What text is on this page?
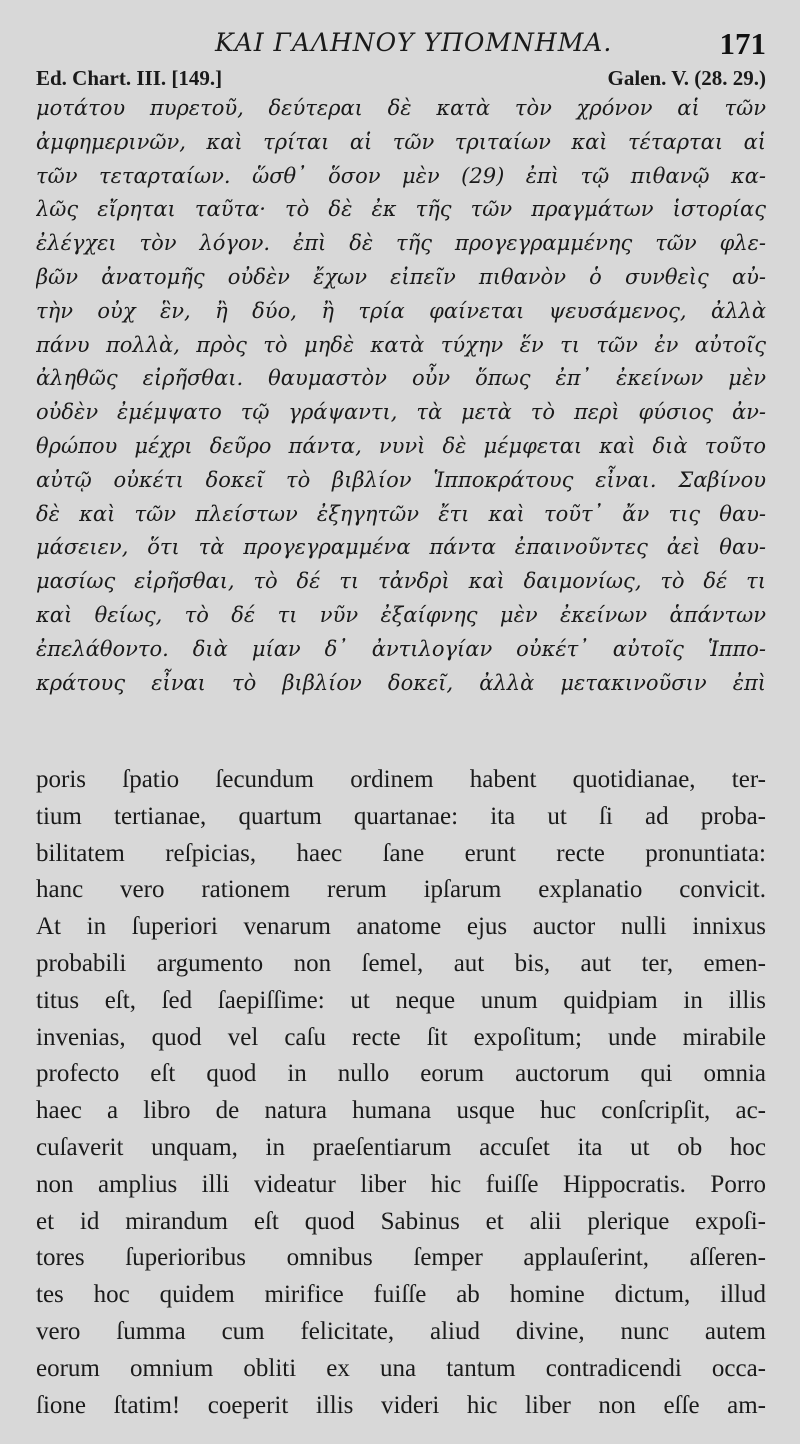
ΚΑΙ ΓΑΛΗΝΟΥ ΥΠΟΜΝΗΜΑ.	171
Ed. Chart. III. [149.]	Galen. V. (28. 29.)
μοτάτου πυρετοῦ, δεύτεραι δὲ κατὰ τὸν χρόνον αἱ τῶν
ἀμφημερινῶν, καὶ τρίται αἱ τῶν τριταίων καὶ τέταρται αἱ
τῶν τεταρταίων. ὥσθ᾿ ὅσον μὲν (29) ἐπὶ τῷ πιθανῷ κα-
λῶς εἴρηται ταῦτα· τὸ δὲ ἐκ τῆς τῶν πραγμάτων ἱστορίας
ἐλέγχει τὸν λόγον. ἐπὶ δὲ τῆς προγεγραμμένης τῶν φλε-
βῶν ἀνατομῆς οὐδὲν ἔχων εἰπεῖν πιθανὸν ὁ συνθεὶς αὐ-
τὴν οὐχ ἓν, ἢ δύο, ἢ τρία φαίνεται ψευσάμενος, ἀλλὰ
πάνυ πολλὰ, πρὸς τὸ μηδὲ κατὰ τύχην ἕν τι τῶν ἐν αὐτοῖς
ἀληθῶς εἰρῆσθαι. θαυμαστὸν οὖν ὅπως ἐπ᾿ ἐκείνων μὲν
οὐδὲν ἐμέμψατο τῷ γράψαντι, τὰ μετὰ τὸ περὶ φύσιος ἀν-
θρώπου μέχρι δεῦρο πάντα, νυνὶ δὲ μέμφεται καὶ διὰ τοῦτο
αὐτῷ οὐκέτι δοκεῖ τὸ βιβλίον Ἱπποκράτους εἶναι. Σαβίνου
δὲ καὶ τῶν πλείστων ἐξηγητῶν ἔτι καὶ τοῦτ᾿ ἄν τις θαυ-
μάσειεν, ὅτι τὰ προγεγραμμένα πάντα ἐπαινοῦντες ἀεὶ θαυ-
μασίως εἰρῆσθαι, τὸ δέ τι τἀνδρὶ καὶ δαιμονίως, τὸ δέ τι
καὶ θείως, τὸ δέ τι νῦν ἐξαίφνης μὲν ἐκείνων ἁπάντων
ἐπελάθοντο. διὰ μίαν δ᾿ ἀντιλογίαν οὐκέτ᾿ αὐτοῖς Ἱππο-
κράτους εἶναι τὸ βιβλίον δοκεῖ, ἀλλὰ μετακινοῦσιν ἐπὶ
poris ſpatio ſecundum ordinem habent quotidianae, ter-
tium tertianae, quartum quartanae: ita ut ſi ad proba-
bilitatem reſpicias, haec ſane erunt recte pronuntiata:
hanc vero rationem rerum ipſarum explanatio convicit.
At in ſuperiori venarum anatome ejus auctor nulli innixus
probabili argumento non ſemel, aut bis, aut ter, emen-
titus eſt, ſed ſaepiſſime: ut neque unum quidpiam in illis
invenias, quod vel caſu recte ſit expoſitum; unde mirabile
profecto eſt quod in nullo eorum auctorum qui omnia
haec a libro de natura humana usque huc conſcripſit, ac-
cuſaverit unquam, in praeſentiarum accuſet ita ut ob hoc
non amplius illi videatur liber hic fuiſſe Hippocratis. Porro
et id mirandum eſt quod Sabinus et alii plerique expoſi-
tores ſuperioribus omnibus ſemper applauſerint, aſſeren-
tes hoc quidem mirifice fuiſſe ab homine dictum, illud
vero ſumma cum felicitate, aliud divine, nunc autem
eorum omnium obliti ex una tantum contradicendi occa-
ſione ſtatim! coeperit illis videri hic liber non eſſe am-
